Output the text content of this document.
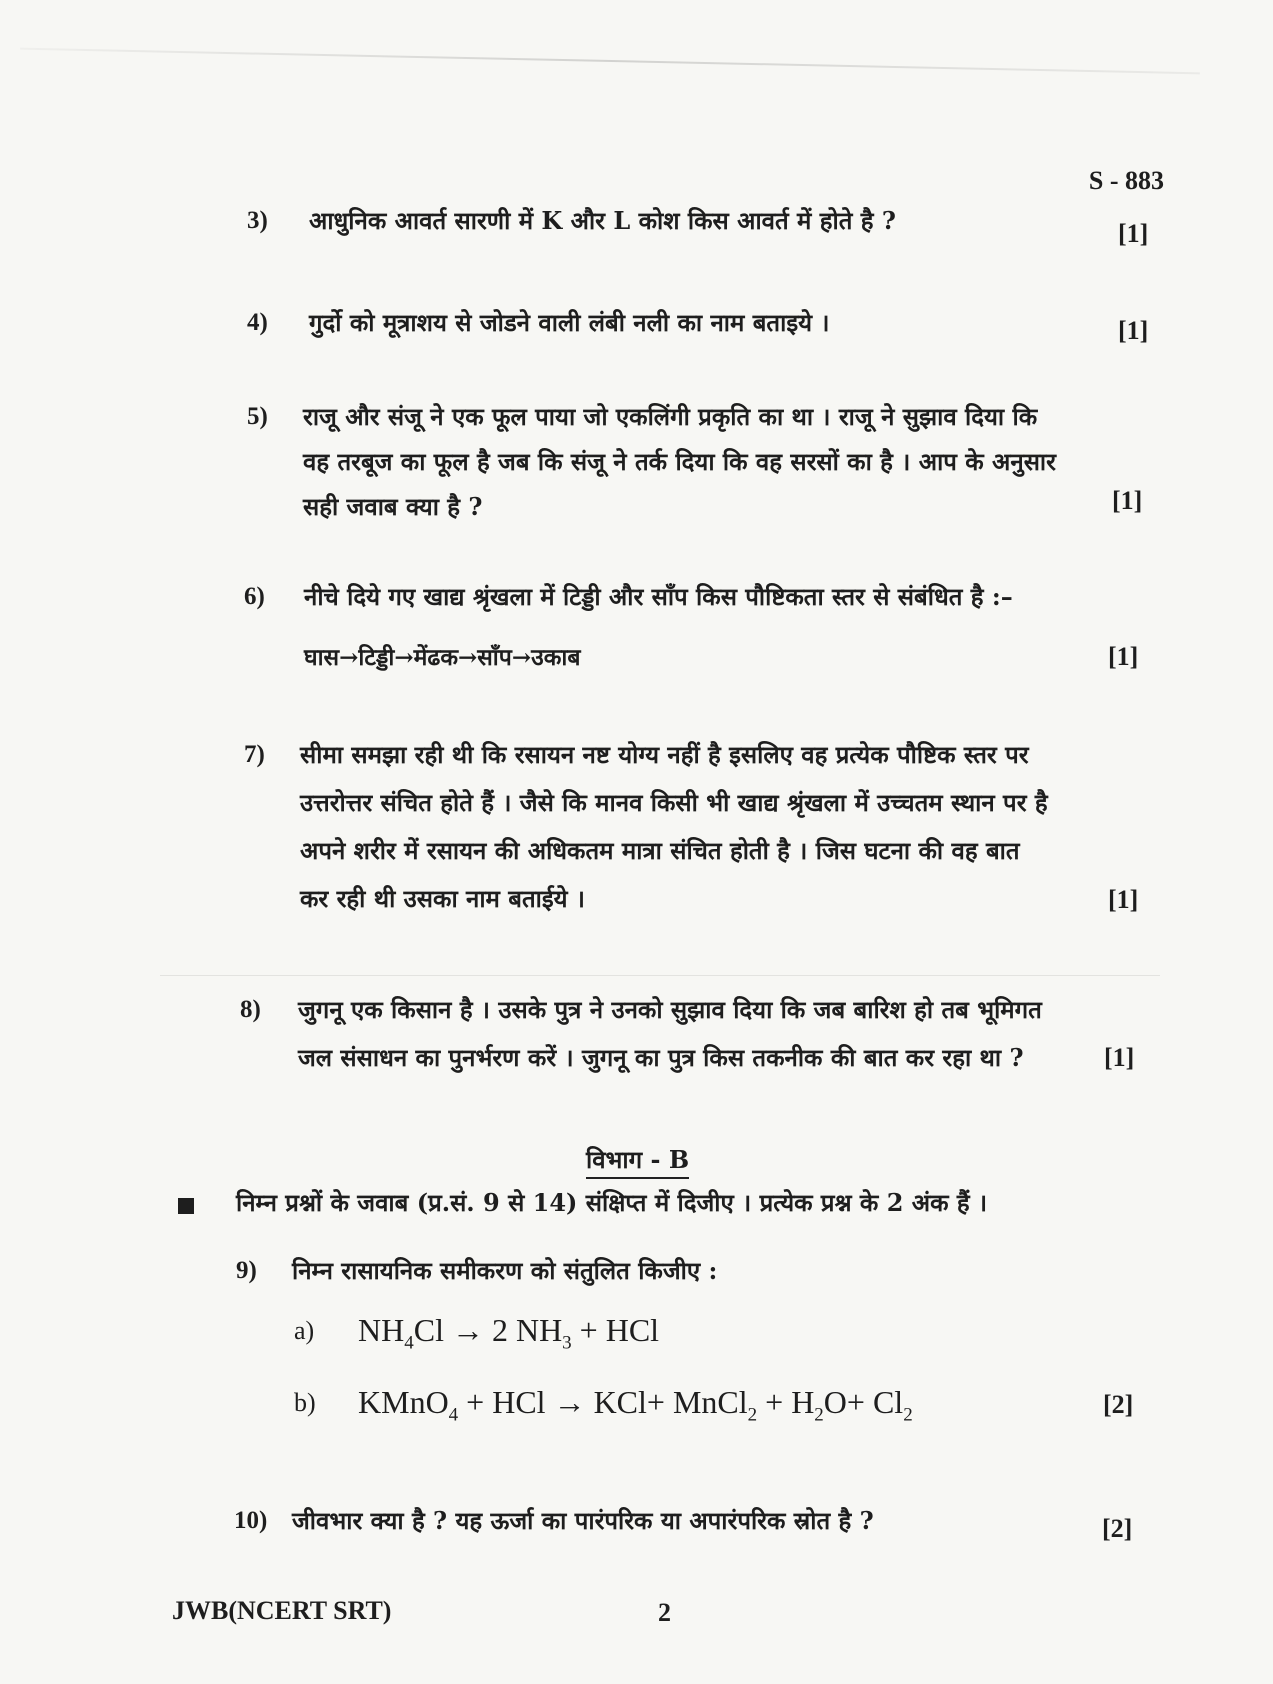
S - 883
3) आधुनिक आवर्त सारणी में K और L कोश किस आवर्त में होते है ?	[1]
4) गुर्दो को मूत्राशय से जोडने वाली लंबी नली का नाम बताइये ।	[1]
5) राजू और संजू ने एक फूल पाया जो एकलिंगी प्रकृति का था । राजू ने सुझाव दिया कि
वह तरबूज का फूल है जब कि संजू ने तर्क दिया कि वह सरसों का है । आप के अनुसार
सही जवाब क्या है ?	[1]
6) नीचे दिये गए खाद्य श्रृंखला में टिड्डी और साँप किस पौष्टिकता स्तर से संबंधित है :–
घास→टिड्डी→मेंढक→साँप→उकाब	[1]
7) सीमा समझा रही थी कि रसायन नष्ट योग्य नहीं है इसलिए वह प्रत्येक पौष्टिक स्तर पर
उत्तरोत्तर संचित होते हैं । जैसे कि मानव किसी भी खाद्य श्रृंखला में उच्चतम स्थान पर है
अपने शरीर में रसायन की अधिकतम मात्रा संचित होती है । जिस घटना की वह बात
कर रही थी उसका नाम बताईये ।	[1]
8) जुगनू एक किसान है । उसके पुत्र ने उनको सुझाव दिया कि जब बारिश हो तब भूमिगत
जल संसाधन का पुनर्भरण करें । जुगनू का पुत्र किस तकनीक की बात कर रहा था ?	[1]
विभाग - B
निम्न प्रश्नों के जवाब (प्र.सं. 9 से 14) संक्षिप्त में दिजीए । प्रत्येक प्रश्न के 2 अंक हैं ।
9) निम्न रासायनिक समीकरण को संतुलित किजीए :
a) $NH_4Cl \to 2$ $NH_3$ + HCl
b) KMnO$_4$ + HCl → KCl+ MnCl$_2$ + $H_2O+ Cl_2$	[2]
10) जीवभार क्या है ? यह ऊर्जा का पारंपरिक या अपारंपरिक स्रोत है ?	[2]
JWB(NCERT SRT)	2
